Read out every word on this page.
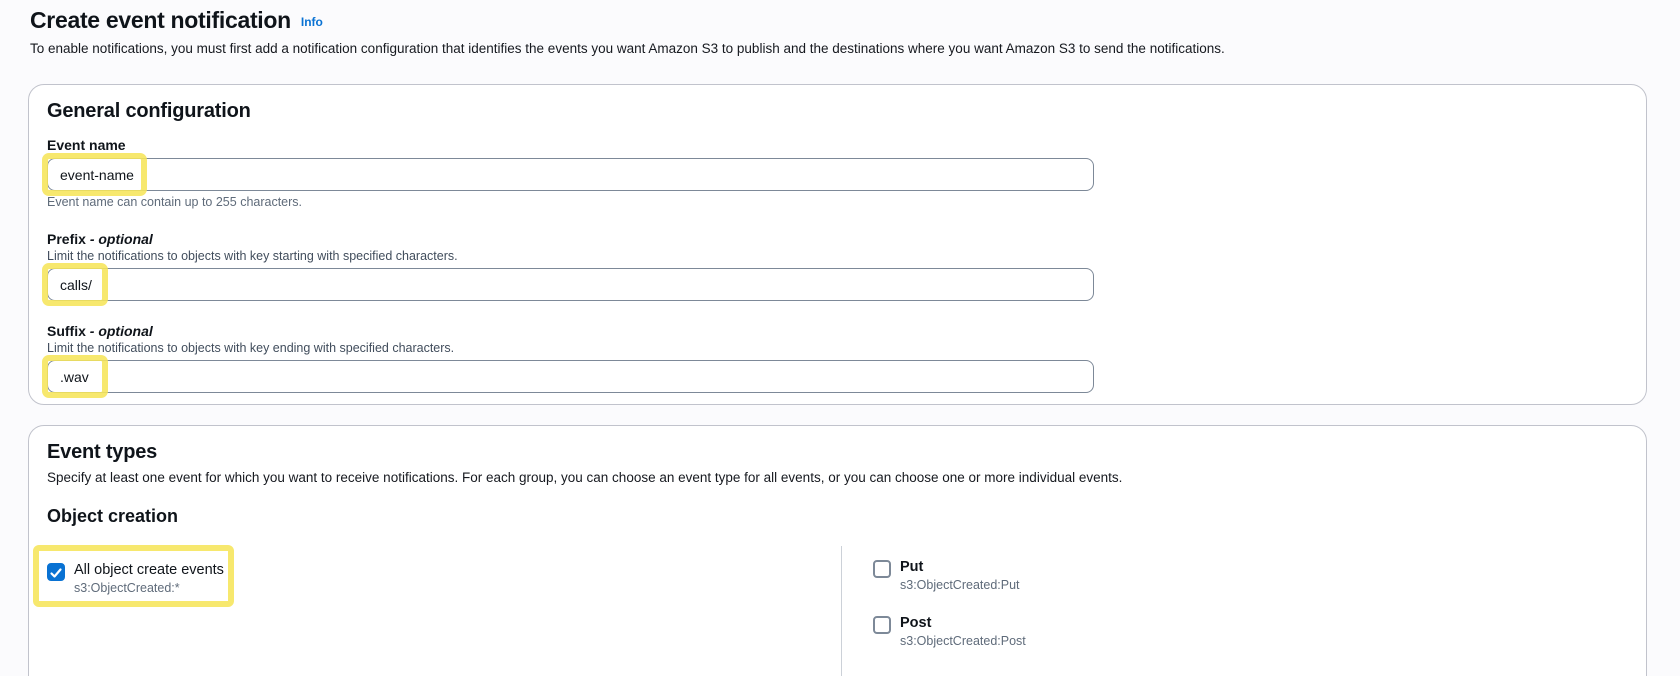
Create event notification Info

To enable notifications, you must first add a notification configuration that identifies the events you want Amazon S3 to publish and the destinations where you want Amazon S3 to send the notifications.

General configuration
Event name
event-name
Event name can contain up to 255 characters.
Prefix - optional
Limit the notifications to objects with key starting with specified characters.
calls/
Suffix - optional
Limit the notifications to objects with key ending with specified characters.
.wav
Event types

Specify at least one event for which you want to receive notifications. For each group, you can choose an event type for all events, or you can choose one or more individual events.

Object creation
All object create events
s3:ObjectCreated:*
Put
s3:ObjectCreated:Put
Post
s3:ObjectCreated:Post
